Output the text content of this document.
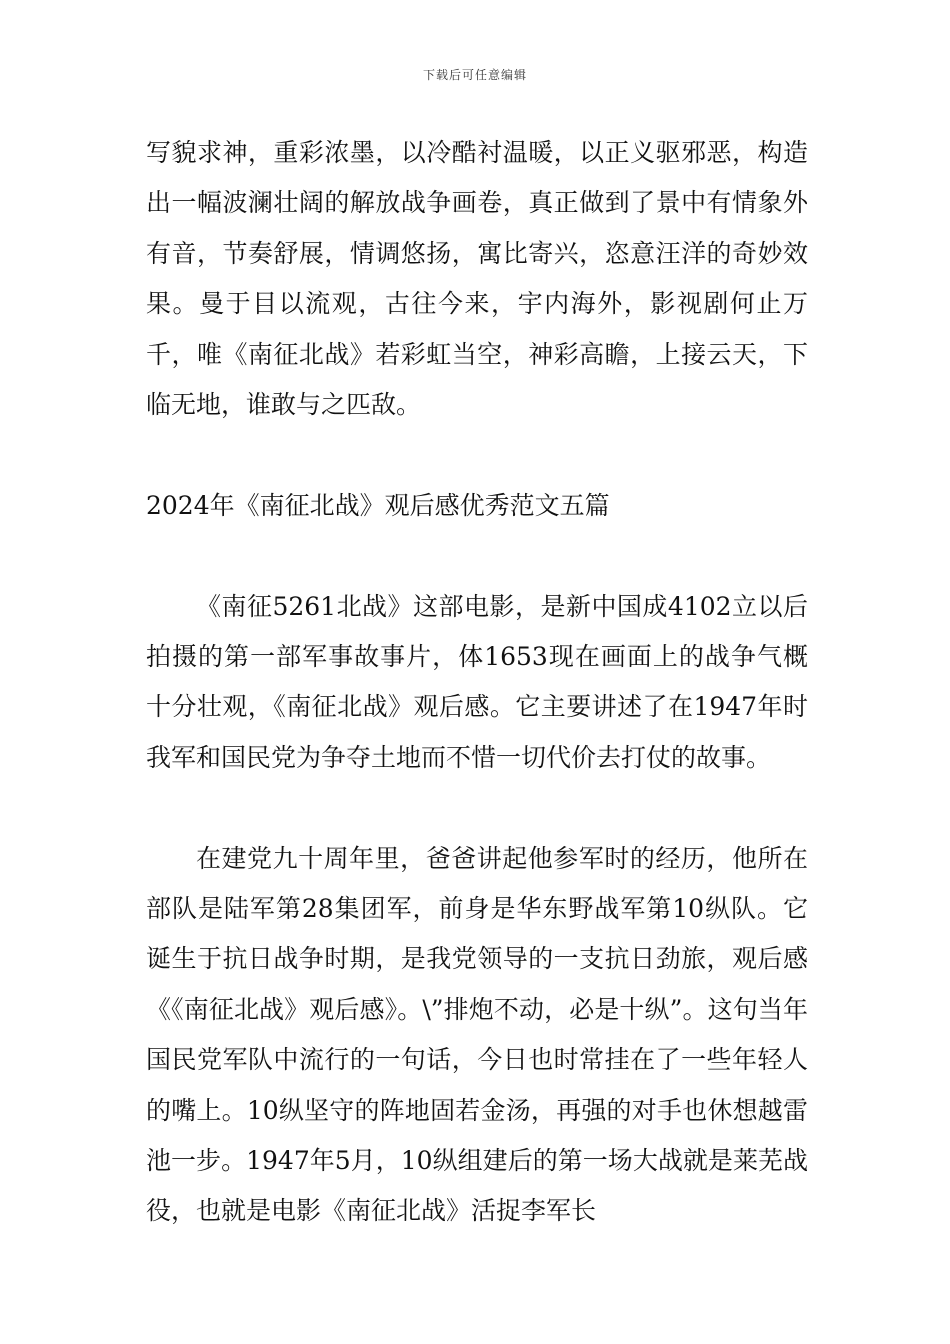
下载后可任意编辑

写貌求神，重彩浓墨，以冷酷衬温暖，以正义驱邪恶，构造出一幅波澜壮阔的解放战争画卷，真正做到了景中有情象外有音，节奏舒展，情调悠扬，寓比寄兴，恣意汪洋的奇妙效果。曼于目以流观，古往今来，宇内海外，影视剧何止万千，唯《南征北战》若彩虹当空，神彩高瞻，上接云天，下临无地，谁敢与之匹敌。

2024年《南征北战》观后感优秀范文五篇

《南征5261北战》这部电影，是新中国成4102立以后拍摄的第一部军事故事片，体1653现在画面上的战争气概十分壮观，《南征北战》观后感。它主要讲述了在1947年时我军和国民党为争夺土地而不惜一切代价去打仗的故事。

在建党九十周年里，爸爸讲起他参军时的经历，他所在部队是陆军第28集团军，前身是华东野战军第10纵队。它诞生于抗日战争时期，是我党领导的一支抗日劲旅，观后感《《南征北战》观后感》。\”排炮不动，必是十纵”。这句当年国民党军队中流行的一句话，今日也时常挂在了一些年轻人的嘴上。10纵坚守的阵地固若金汤，再强的对手也休想越雷池一步。1947年5月，10纵组建后的第一场大战就是莱芜战役，也就是电影《南征北战》活捉李军长
